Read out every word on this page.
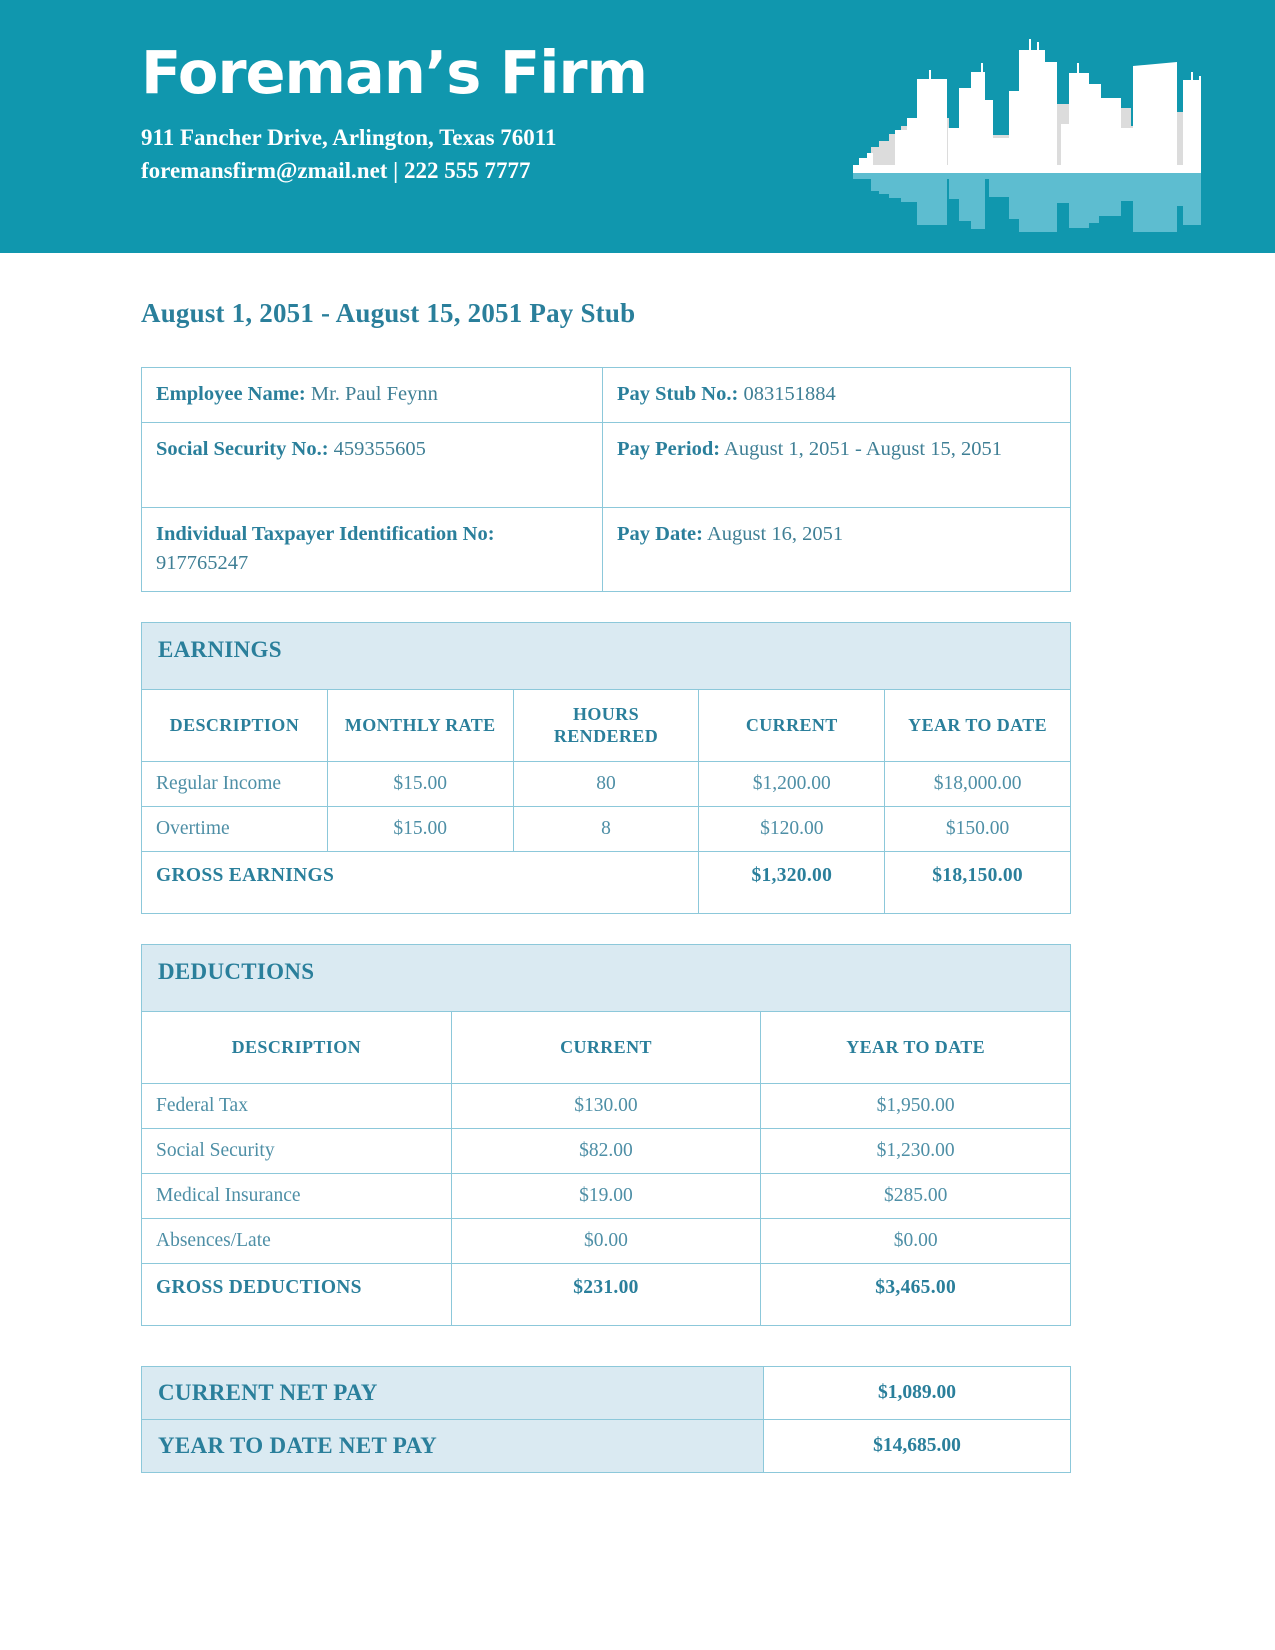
Foreman’s Firm
911 Fancher Drive, Arlington, Texas 76011
foremansfirm@zmail.net | 222 555 7777
August 1, 2051 - August 15, 2051 Pay Stub
Employee Name: Mr. Paul Feynn	Pay Stub No.: 083151884
Social Security No.: 459355605	Pay Period: August 1, 2051 - August 15, 2051
Individual Taxpayer Identification No: 917765247	Pay Date: August 16, 2051
EARNINGS				
DESCRIPTION	MONTHLY RATE	HOURS RENDERED	CURRENT	YEAR TO DATE
Regular Income	$15.00	80	$1,200.00	$18,000.00
Overtime	$15.00	8	$120.00	$150.00
GROSS EARNINGS			$1,320.00	$18,150.00
DEDUCTIONS		
DESCRIPTION	CURRENT	YEAR TO DATE
Federal Tax	$130.00	$1,950.00
Social Security	$82.00	$1,230.00
Medical Insurance	$19.00	$285.00
Absences/Late	$0.00	$0.00
GROSS DEDUCTIONS	$231.00	$3,465.00
CURRENT NET PAY	$1,089.00
YEAR TO DATE NET PAY	$14,685.00
